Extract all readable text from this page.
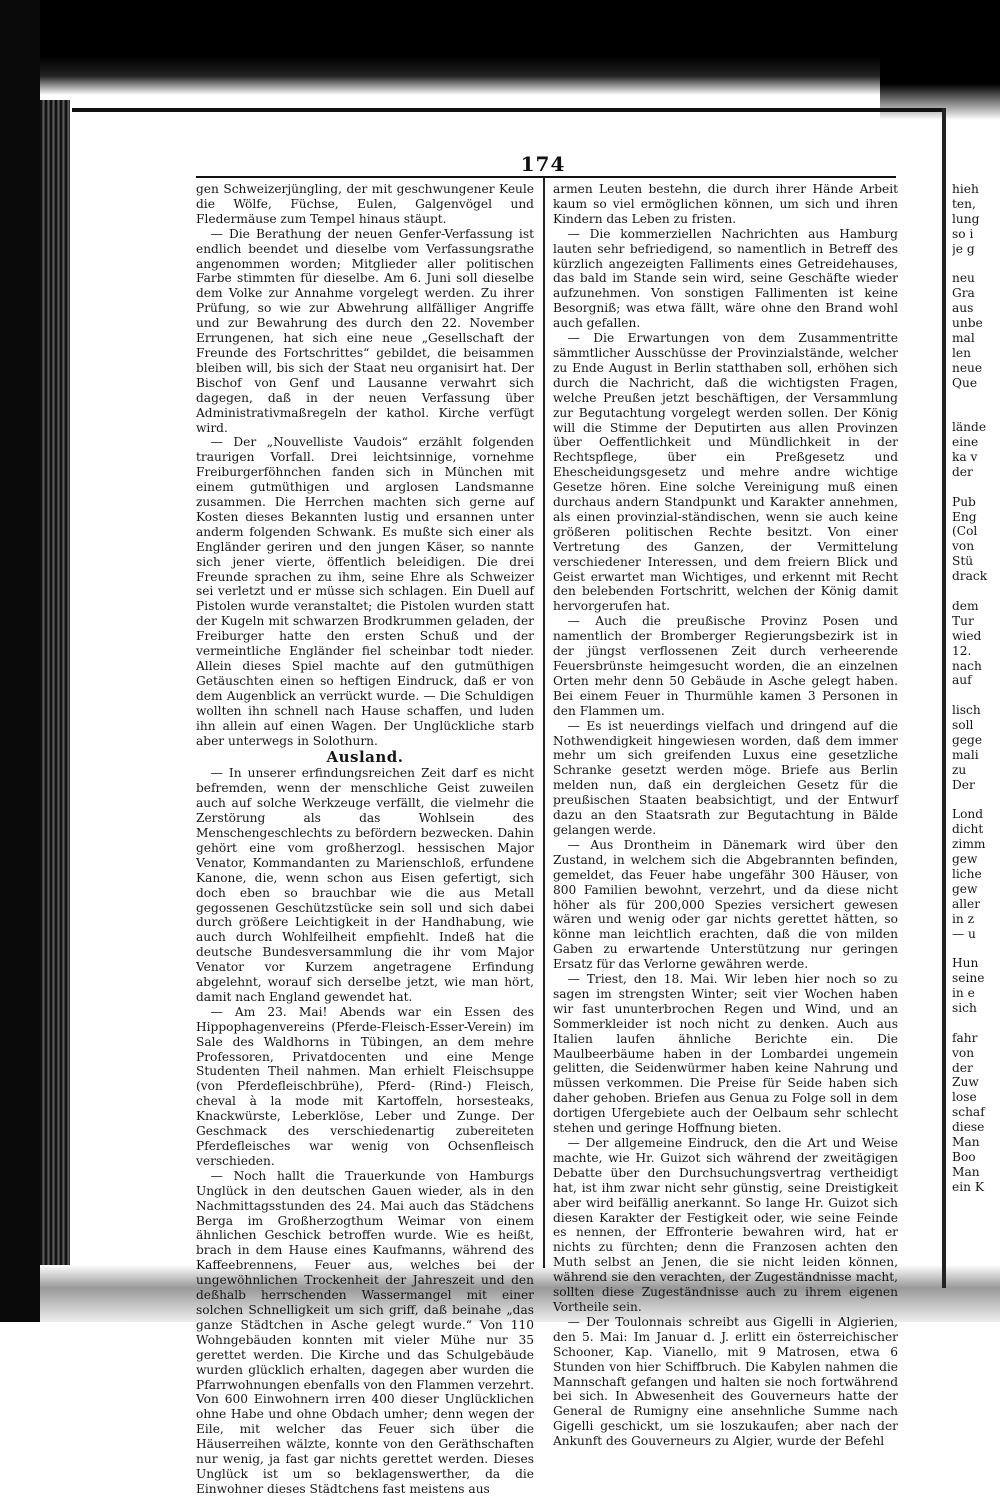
174

gen Schweizerjüngling, der mit geschwungener Keule die Wölfe, Füchse, Eulen, Galgenvögel und Fledermäuse zum Tempel hinaus stäupt.

— Die Berathung der neuen Genfer-Verfassung ist endlich beendet und dieselbe vom Verfassungsrathe angenommen worden; Mitglieder aller politischen Farbe stimmten für dieselbe. Am 6. Juni soll dieselbe dem Volke zur Annahme vorgelegt werden. Zu ihrer Prüfung, so wie zur Abwehrung allfälliger Angriffe und zur Bewahrung des durch den 22. November Errungenen, hat sich eine neue „Gesellschaft der Freunde des Fortschrittes“ gebildet, die beisammen bleiben will, bis sich der Staat neu organisirt hat. Der Bischof von Genf und Lausanne verwahrt sich dagegen, daß in der neuen Verfassung über Administrativmaßregeln der kathol. Kirche verfügt wird.

— Der „Nouvelliste Vaudois“ erzählt folgenden traurigen Vorfall. Drei leichtsinnige, vornehme Freiburgerföhnchen fanden sich in München mit einem gutmüthigen und arglosen Landsmanne zusammen. Die Herrchen machten sich gerne auf Kosten dieses Bekannten lustig und ersannen unter anderm folgenden Schwank. Es mußte sich einer als Engländer geriren und den jungen Käser, so nannte sich jener vierte, öffentlich beleidigen. Die drei Freunde sprachen zu ihm, seine Ehre als Schweizer sei verletzt und er müsse sich schlagen. Ein Duell auf Pistolen wurde veranstaltet; die Pistolen wurden statt der Kugeln mit schwarzen Brodkrummen geladen, der Freiburger hatte den ersten Schuß und der vermeintliche Engländer fiel scheinbar todt nieder. Allein dieses Spiel machte auf den gutmüthigen Getäuschten einen so heftigen Eindruck, daß er von dem Augenblick an verrückt wurde. — Die Schuldigen wollten ihn schnell nach Hause schaffen, und luden ihn allein auf einen Wagen. Der Unglückliche starb aber unterwegs in Solothurn.

Ausland.

— In unserer erfindungsreichen Zeit darf es nicht befremden, wenn der menschliche Geist zuweilen auch auf solche Werkzeuge verfällt, die vielmehr die Zerstörung als das Wohlsein des Menschengeschlechts zu befördern bezwecken. Dahin gehört eine vom großherzogl. hessischen Major Venator, Kommandanten zu Marienschloß, erfundene Kanone, die, wenn schon aus Eisen gefertigt, sich doch eben so brauchbar wie die aus Metall gegossenen Geschützstücke sein soll und sich dabei durch größere Leichtigkeit in der Handhabung, wie auch durch Wohlfeilheit empfiehlt. Indeß hat die deutsche Bundesversammlung die ihr vom Major Venator vor Kurzem angetragene Erfindung abgelehnt, worauf sich derselbe jetzt, wie man hört, damit nach England gewendet hat.

— Am 23. Mai! Abends war ein Essen des Hippophagenvereins (Pferde-Fleisch-Esser-Verein) im Sale des Waldhorns in Tübingen, an dem mehre Professoren, Privatdocenten und eine Menge Studenten Theil nahmen. Man erhielt Fleischsuppe (von Pferdefleischbrühe), Pferd- (Rind-) Fleisch, cheval à la mode mit Kartoffeln, horsesteaks, Knackwürste, Leberklöse, Leber und Zunge. Der Geschmack des verschiedenartig zubereiteten Pferdefleisches war wenig von Ochsenfleisch verschieden.

— Noch hallt die Trauerkunde von Hamburgs Unglück in den deutschen Gauen wieder, als in den Nachmittagsstunden des 24. Mai auch das Städchens Berga im Großherzogthum Weimar von einem ähnlichen Geschick betroffen wurde. Wie es heißt, brach in dem Hause eines Kaufmanns, während des Kaffeebrennens, Feuer aus, welches bei der ungewöhnlichen Trockenheit der Jahreszeit und den deßhalb herrschenden Wassermangel mit einer solchen Schnelligkeit um sich griff, daß beinahe „das ganze Städtchen in Asche gelegt wurde.“ Von 110 Wohngebäuden konnten mit vieler Mühe nur 35 gerettet werden. Die Kirche und das Schulgebäude wurden glücklich erhalten, dagegen aber wurden die Pfarrwohnungen ebenfalls von den Flammen verzehrt. Von 600 Einwohnern irren 400 dieser Unglücklichen ohne Habe und ohne Obdach umher; denn wegen der Eile, mit welcher das Feuer sich über die Häuserreihen wälzte, konnte von den Geräthschaften nur wenig, ja fast gar nichts gerettet werden. Dieses Unglück ist um so beklagenswerther, da die Einwohner dieses Städtchens fast meistens aus

armen Leuten bestehn, die durch ihrer Hände Arbeit kaum so viel ermöglichen können, um sich und ihren Kindern das Leben zu fristen.

— Die kommerziellen Nachrichten aus Hamburg lauten sehr befriedigend, so namentlich in Betreff des kürzlich angezeigten Falliments eines Getreidehauses, das bald im Stande sein wird, seine Geschäfte wieder aufzunehmen. Von sonstigen Fallimenten ist keine Besorgniß; was etwa fällt, wäre ohne den Brand wohl auch gefallen.

— Die Erwartungen von dem Zusammentritte sämmtlicher Ausschüsse der Provinzialstände, welcher zu Ende August in Berlin statthaben soll, erhöhen sich durch die Nachricht, daß die wichtigsten Fragen, welche Preußen jetzt beschäftigen, der Versammlung zur Begutachtung vorgelegt werden sollen. Der König will die Stimme der Deputirten aus allen Provinzen über Oeffentlichkeit und Mündlichkeit in der Rechtspflege, über ein Preßgesetz und Ehescheidungsgesetz und mehre andre wichtige Gesetze hören. Eine solche Vereinigung muß einen durchaus andern Standpunkt und Karakter annehmen, als einen provinzial-ständischen, wenn sie auch keine größeren politischen Rechte besitzt. Von einer Vertretung des Ganzen, der Vermittelung verschiedener Interessen, und dem freiern Blick und Geist erwartet man Wichtiges, und erkennt mit Recht den belebenden Fortschritt, welchen der König damit hervorgerufen hat.

— Auch die preußische Provinz Posen und namentlich der Bromberger Regierungsbezirk ist in der jüngst verflossenen Zeit durch verheerende Feuersbrünste heimgesucht worden, die an einzelnen Orten mehr denn 50 Gebäude in Asche gelegt haben. Bei einem Feuer in Thurmühle kamen 3 Personen in den Flammen um.

— Es ist neuerdings vielfach und dringend auf die Nothwendigkeit hingewiesen worden, daß dem immer mehr um sich greifenden Luxus eine gesetzliche Schranke gesetzt werden möge. Briefe aus Berlin melden nun, daß ein dergleichen Gesetz für die preußischen Staaten beabsichtigt, und der Entwurf dazu an den Staatsrath zur Begutachtung in Bälde gelangen werde.

— Aus Drontheim in Dänemark wird über den Zustand, in welchem sich die Abgebrannten befinden, gemeldet, das Feuer habe ungefähr 300 Häuser, von 800 Familien bewohnt, verzehrt, und da diese nicht höher als für 200,000 Spezies versichert gewesen wären und wenig oder gar nichts gerettet hätten, so könne man leichtlich erachten, daß die von milden Gaben zu erwartende Unterstützung nur geringen Ersatz für das Verlorne gewähren werde.

— Triest, den 18. Mai. Wir leben hier noch so zu sagen im strengsten Winter; seit vier Wochen haben wir fast ununterbrochen Regen und Wind, und an Sommerkleider ist noch nicht zu denken. Auch aus Italien laufen ähnliche Berichte ein. Die Maulbeerbäume haben in der Lombardei ungemein gelitten, die Seidenwürmer haben keine Nahrung und müssen verkommen. Die Preise für Seide haben sich daher gehoben. Briefen aus Genua zu Folge soll in dem dortigen Ufergebiete auch der Oelbaum sehr schlecht stehen und geringe Hoffnung bieten.

— Der allgemeine Eindruck, den die Art und Weise machte, wie Hr. Guizot sich während der zweitägigen Debatte über den Durchsuchungsvertrag vertheidigt hat, ist ihm zwar nicht sehr günstig, seine Dreistigkeit aber wird beifällig anerkannt. So lange Hr. Guizot sich diesen Karakter der Festigkeit oder, wie seine Feinde es nennen, der Effronterie bewahren wird, hat er nichts zu fürchten; denn die Franzosen achten den Muth selbst an Jenen, die sie nicht leiden können, während sie den verachten, der Zugeständnisse macht, sollten diese Zugeständnisse auch zu ihrem eigenen Vortheile sein.

— Der Toulonnais schreibt aus Gigelli in Algierien, den 5. Mai: Im Januar d. J. erlitt ein österreichischer Schooner, Kap. Vianello, mit 9 Matrosen, etwa 6 Stunden von hier Schiffbruch. Die Kabylen nahmen die Mannschaft gefangen und halten sie noch fortwährend bei sich. In Abwesenheit des Gouverneurs hatte der General de Rumigny eine ansehnliche Summe nach Gigelli geschickt, um sie loszukaufen; aber nach der Ankunft des Gouverneurs zu Algier, wurde der Befehl

hieh
ten,
lung
so i
je g
neu
Gra
aus
unbe
mal
len
neue
Que
lände
eine
ka v
der
Pub
Eng
(Col
von
Stü
drack
dem
Tur
wied
12.
nach
auf
lisch
soll
gege
mali
zu
Der
Lond
dicht
zimm
gew
liche
gew
aller
in z
— u
Hun
seine
in e
sich
fahr
von
der
Zuw
lose
schaf
diese
Man
Boo
Man
ein K
